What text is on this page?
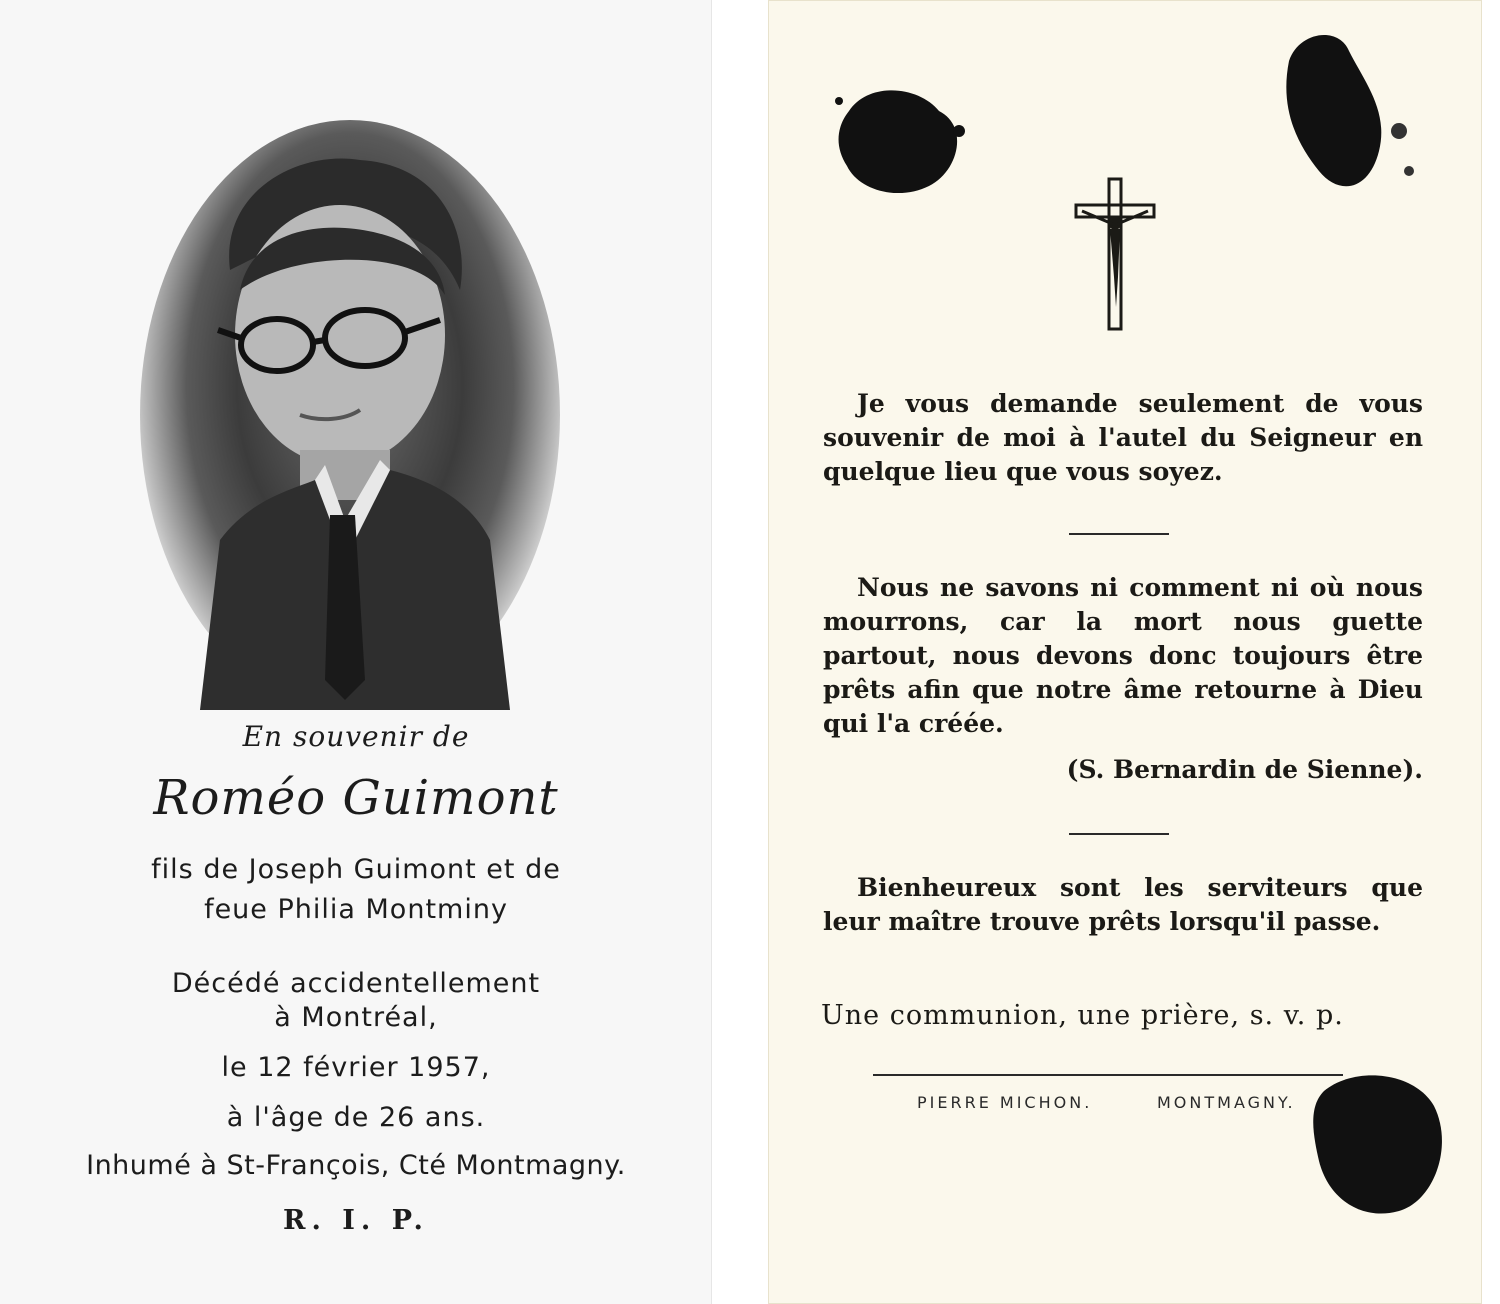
En souvenir de
Roméo Guimont
fils de Joseph Guimont et de
feue Philia Montminy
Décédé accidentellement
à Montréal,
le 12 février 1957,
à l'âge de 26 ans.
Inhumé à St-François, Cté Montmagny.
R. I. P.
Je vous demande seulement de vous souvenir de moi à l'autel du Seigneur en quelque lieu que vous soyez.
Nous ne savons ni comment ni où nous mourrons, car la mort nous guette partout, nous devons donc toujours être prêts afin que notre âme retourne à Dieu qui l'a créée.
(S. Bernardin de Sienne).
Bienheureux sont les serviteurs que leur maître trouve prêts lorsqu'il passe.
Une communion, une prière, s. v. p.
PIERRE MICHON.	MONTMAGNY.
